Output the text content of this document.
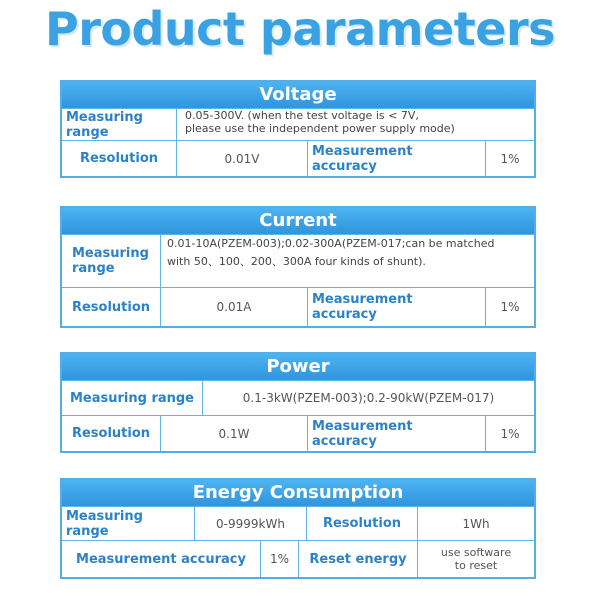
Product parameters
Voltage
Measuring range
0.05-300V. (when the test voltage is < 7V,
please use the independent power supply mode)
Resolution	0.01V	Measurement accuracy	1%
Current
Measuring
range
0.01-10A(PZEM-003);0.02-300A(PZEM-017;can be matched
with 50、100、200、300A four kinds of shunt).
Resolution	0.01A	Measurement accuracy	1%
Power
Measuring range	0.1-3kW(PZEM-003);0.2-90kW(PZEM-017)
Resolution	0.1W	Measurement accuracy	1%
Energy Consumption
Measuring range	0-9999kWh	Resolution	1Wh
Measurement accuracy	1%	Reset energy	use software
to reset
